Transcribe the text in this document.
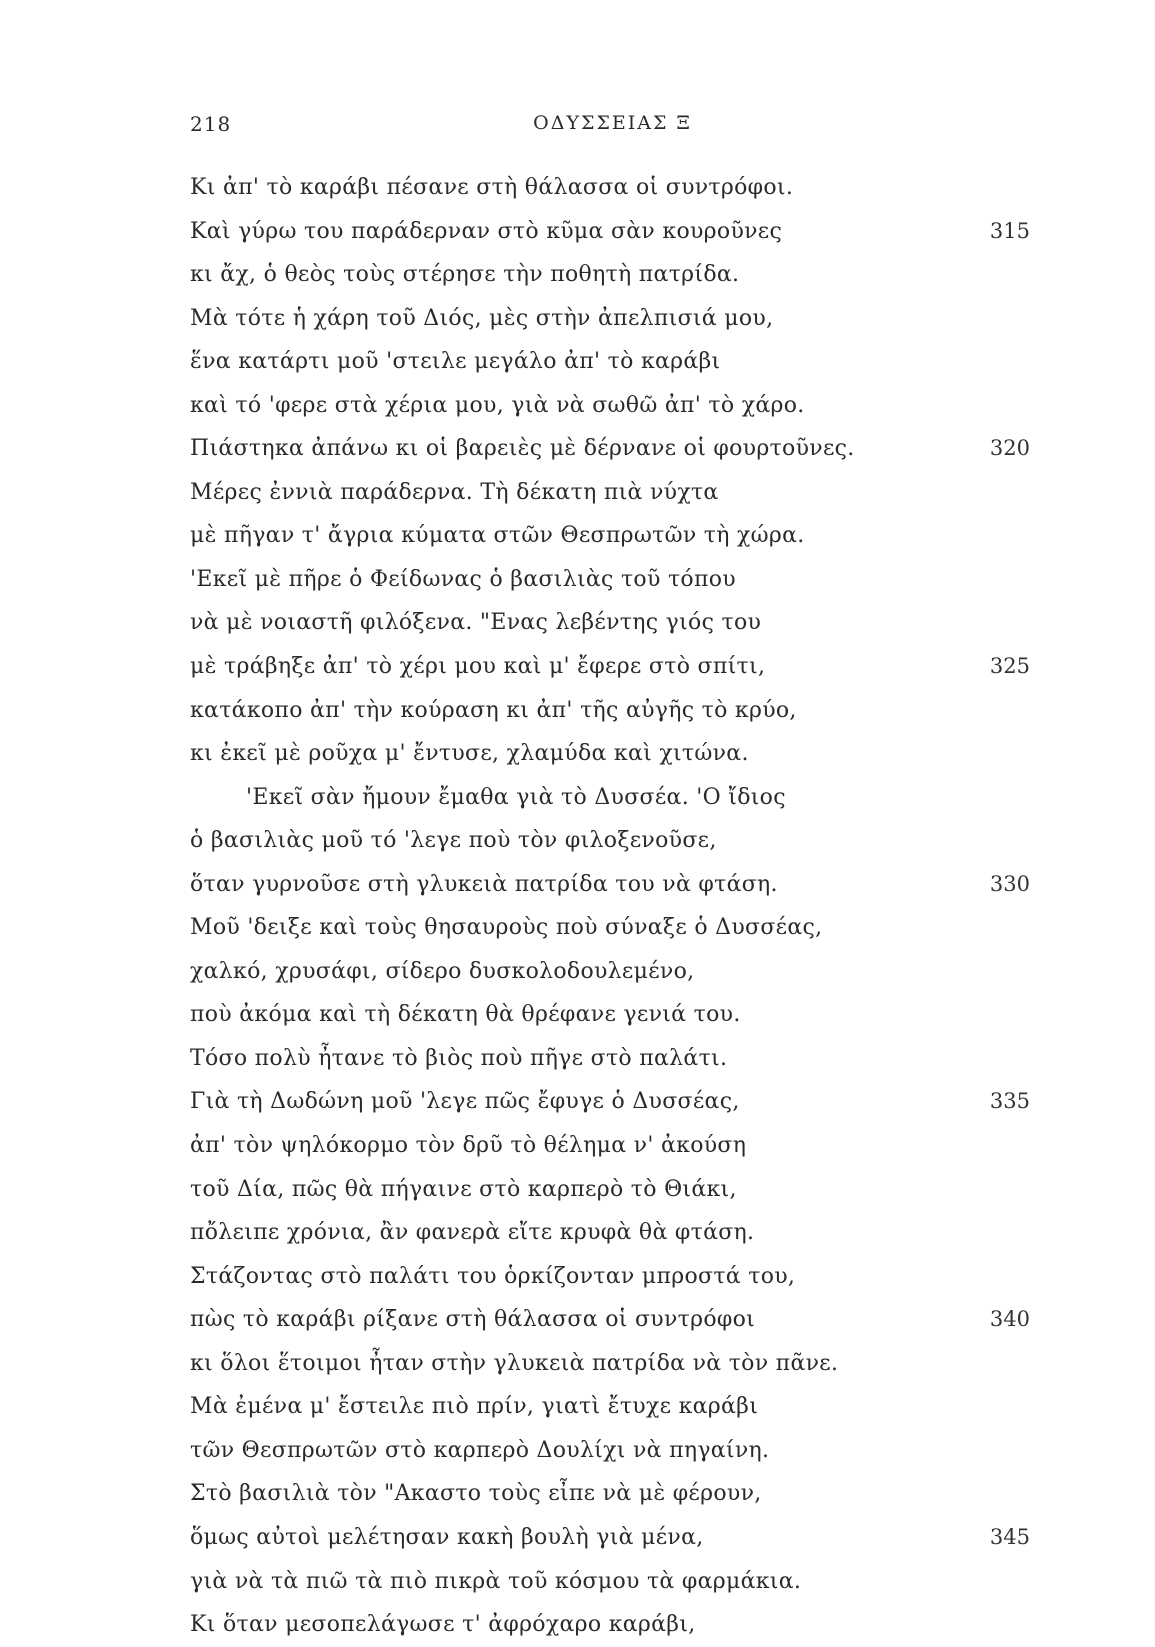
218	ΟΔΥΣΣΕΙΑΣ Ξ
Κι ἀπ' τὸ καράβι πέσανε στὴ θάλασσα οἱ συντρόφοι.
Καὶ γύρω του παράδερναν στὸ κῦμα σὰν κουροῦνες	315
κι ἄχ, ὁ θεὸς τοὺς στέρησε τὴν ποθητὴ πατρίδα.
Μὰ τότε ἡ χάρη τοῦ Διός, μὲς στὴν ἀπελπισιά μου,
ἕνα κατάρτι μοῦ 'στειλε μεγάλο ἀπ' τὸ καράβι
καὶ τό 'φερε στὰ χέρια μου, γιὰ νὰ σωθῶ ἀπ' τὸ χάρο.
Πιάστηκα ἀπάνω κι οἱ βαρειὲς μὲ δέρνανε οἱ φουρτοῦνες.	320
Μέρες ἐννιὰ παράδερνα. Τὴ δέκατη πιὰ νύχτα
μὲ πῆγαν τ' ἄγρια κύματα στῶν Θεσπρωτῶν τὴ χώρα.
'Εκεῖ μὲ πῆρε ὁ Φείδωνας ὁ βασιλιὰς τοῦ τόπου
νὰ μὲ νοιαστῆ φιλόξενα. "Ενας λεβέντης γιός του
μὲ τράβηξε ἀπ' τὸ χέρι μου καὶ μ' ἔφερε στὸ σπίτι,	325
κατάκοπο ἀπ' τὴν κούραση κι ἀπ' τῆς αὐγῆς τὸ κρύο,
κι ἐκεῖ μὲ ροῦχα μ' ἔντυσε, χλαμύδα καὶ χιτώνα.
'Εκεῖ σὰν ἤμουν ἔμαθα γιὰ τὸ Δυσσέα. 'Ο ἴδιος
ὁ βασιλιὰς μοῦ τό 'λεγε ποὺ τὸν φιλοξενοῦσε,
ὅταν γυρνοῦσε στὴ γλυκειὰ πατρίδα του νὰ φτάση.	330
Μοῦ 'δειξε καὶ τοὺς θησαυροὺς ποὺ σύναξε ὁ Δυσσέας,
χαλκό, χρυσάφι, σίδερο δυσκολοδουλεμένο,
ποὺ ἀκόμα καὶ τὴ δέκατη θὰ θρέφανε γενιά του.
Τόσο πολὺ ἦτανε τὸ βιὸς ποὺ πῆγε στὸ παλάτι.
Γιὰ τὴ Δωδώνη μοῦ 'λεγε πῶς ἔφυγε ὁ Δυσσέας,	335
ἀπ' τὸν ψηλόκορμο τὸν δρῦ τὸ θέλημα ν' ἀκούση
τοῦ Δία, πῶς θὰ πήγαινε στὸ καρπερὸ τὸ Θιάκι,
πὄλειπε χρόνια, ἂν φανερὰ εἴτε κρυφὰ θὰ φτάση.
Στάζοντας στὸ παλάτι του ὁρκίζονταν μπροστά του,
πὼς τὸ καράβι ρίξανε στὴ θάλασσα οἱ συντρόφοι	340
κι ὅλοι ἕτοιμοι ἦταν στὴν γλυκειὰ πατρίδα νὰ τὸν πᾶνε.
Μὰ ἐμένα μ' ἔστειλε πιὸ πρίν, γιατὶ ἔτυχε καράβι
τῶν Θεσπρωτῶν στὸ καρπερὸ Δουλίχι νὰ πηγαίνη.
Στὸ βασιλιὰ τὸν "Ακαστο τοὺς εἶπε νὰ μὲ φέρουν,
ὅμως αὐτοὶ μελέτησαν κακὴ βουλὴ γιὰ μένα,	345
γιὰ νὰ τὰ πιῶ τὰ πιὸ πικρὰ τοῦ κόσμου τὰ φαρμάκια.
Κι ὅταν μεσοπελάγωσε τ' ἀφρόχαρο καράβι,
